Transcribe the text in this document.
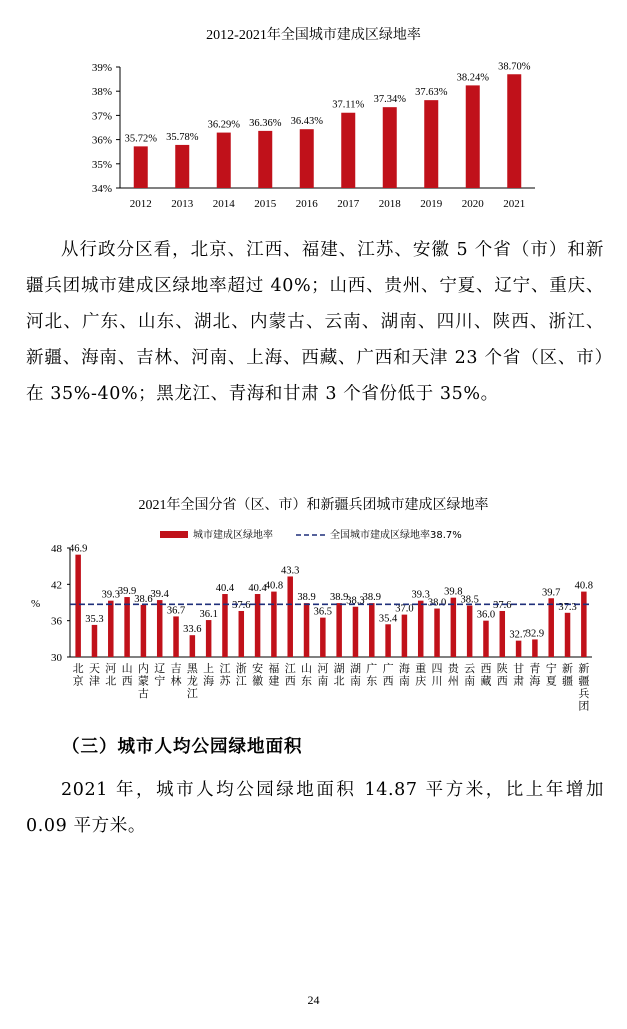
2012-2021年全国城市建成区绿地率
34%
35%
36%
37%
38%
39%
35.72%
2012
35.78%
2013
36.29%
2014
36.36%
2015
36.43%
2016
37.11%
2017
37.34%
2018
37.63%
2019
38.24%
2020
38.70%
2021

从行政分区看，北京、江西、福建、江苏、安徽 5 个省（市）和新疆兵团城市建成区绿地率超过 40%；山西、贵州、宁夏、辽宁、重庆、河北、广东、山东、湖北、内蒙古、云南、湖南、四川、陕西、浙江、新疆、海南、吉林、河南、上海、西藏、广西和天津 23 个省（区、市）在 35%-40%；黑龙江、青海和甘肃 3 个省份低于 35%。

2021年全国分省（区、市）和新疆兵团城市建成区绿地率
城市建成区绿地率	全国城市建成区绿地率38.7%
%
30
36
42
48 46.9
北京
35.3
天津
39.3
河北
39.9
山西
38.6
内蒙古
39.4
辽宁
36.7
吉林
33.6
黑龙江
36.1
上海
40.4
江苏
37.6
浙江
40.4
安徽
40.8
福建
43.3
江西
38.9
山东
36.5
河南
38.9
湖北
38.3
湖南
38.9
广东
35.4
广西
37.0
海南
39.3
重庆
38.0
四川
39.8
贵州
38.5
云南
36.0
西藏
37.6
陕西
32.7
甘肃
32.9
青海
39.7
宁夏
37.3
新疆
40.8
新疆兵团
（三）城市人均公园绿地面积

2021 年，城市人均公园绿地面积 14.87 平方米，比上年增加 0.09 平方米。

24
